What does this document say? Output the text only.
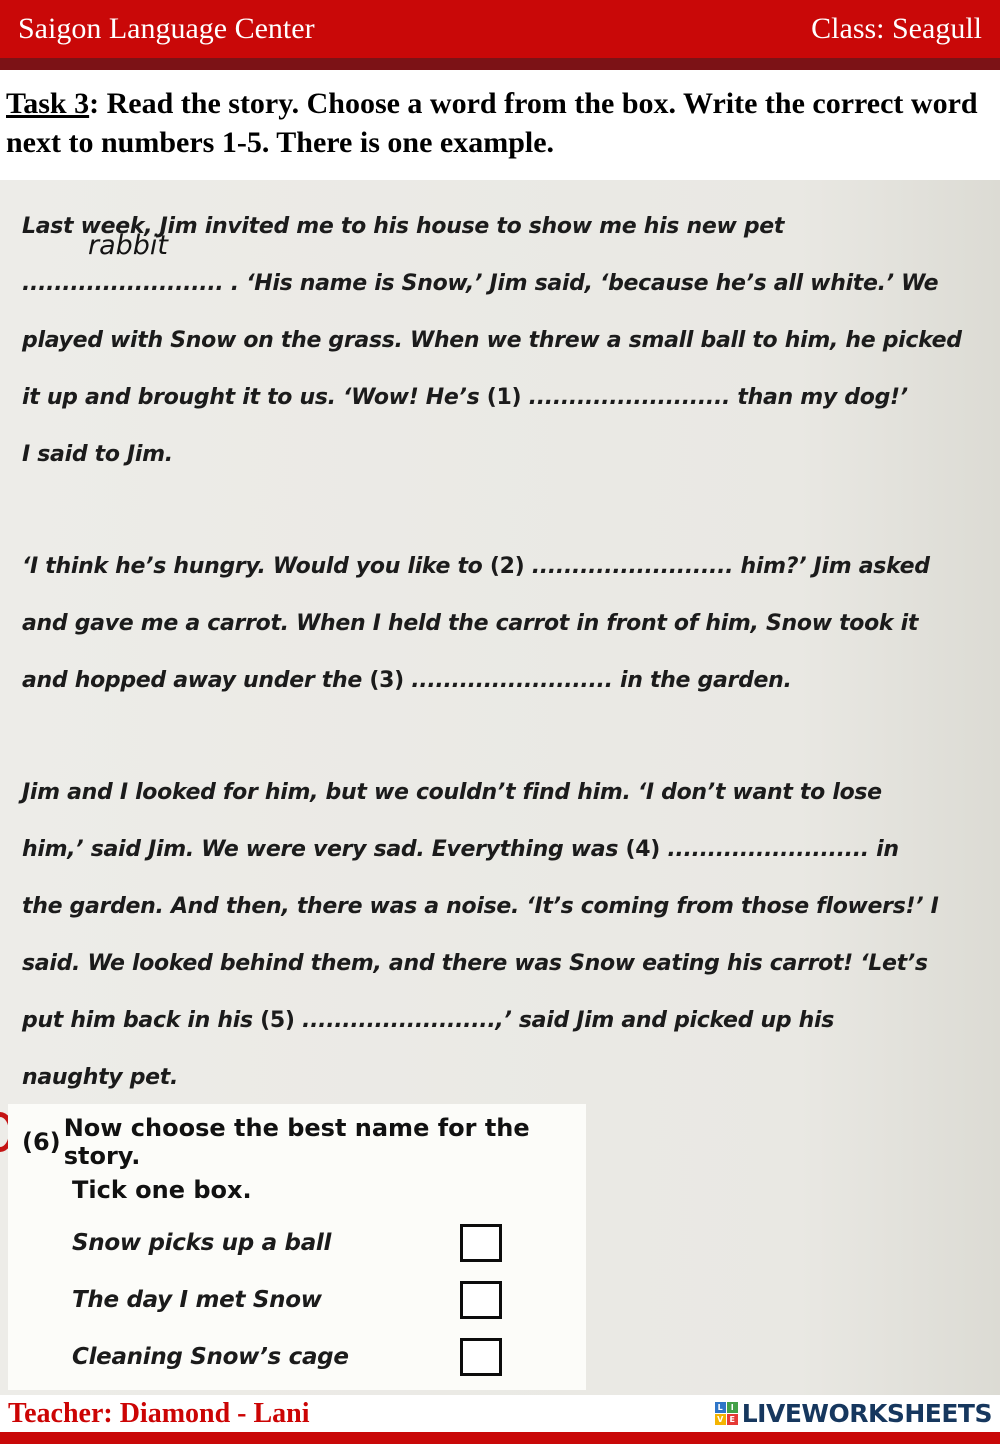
Saigon Language Center	Class: Seagull
Task 3: Read the story. Choose a word from the box. Write the correct word next to numbers 1-5. There is one example.
Last week, Jim invited me to his house to show me his new pet
......................... . ‘His name is Snow,’ Jim said, ‘because he’s all white.’ We
played with Snow on the grass. When we threw a small ball to him, he picked
it up and brought it to us. ‘Wow! He’s (1) ......................... than my dog!’
I said to Jim.
‘I think he’s hungry. Would you like to (2) ......................... him?’ Jim asked
and gave me a carrot. When I held the carrot in front of him, Snow took it
and hopped away under the (3) ......................... in the garden.
Jim and I looked for him, but we couldn’t find him. ‘I don’t want to lose
him,’ said Jim. We were very sad. Everything was (4) ......................... in
the garden. And then, there was a noise. ‘It’s coming from those flowers!’ I
said. We looked behind them, and there was Snow eating his carrot! ‘Let’s
put him back in his (5) ........................,’ said Jim and picked up his
naughty pet.
rabbit
(6) Now choose the best name for the story.
Tick one box.
Snow picks up a ball
The day I met Snow
Cleaning Snow’s cage
Teacher: Diamond - Lani	L I
V E LIVEWORKSHEETS
